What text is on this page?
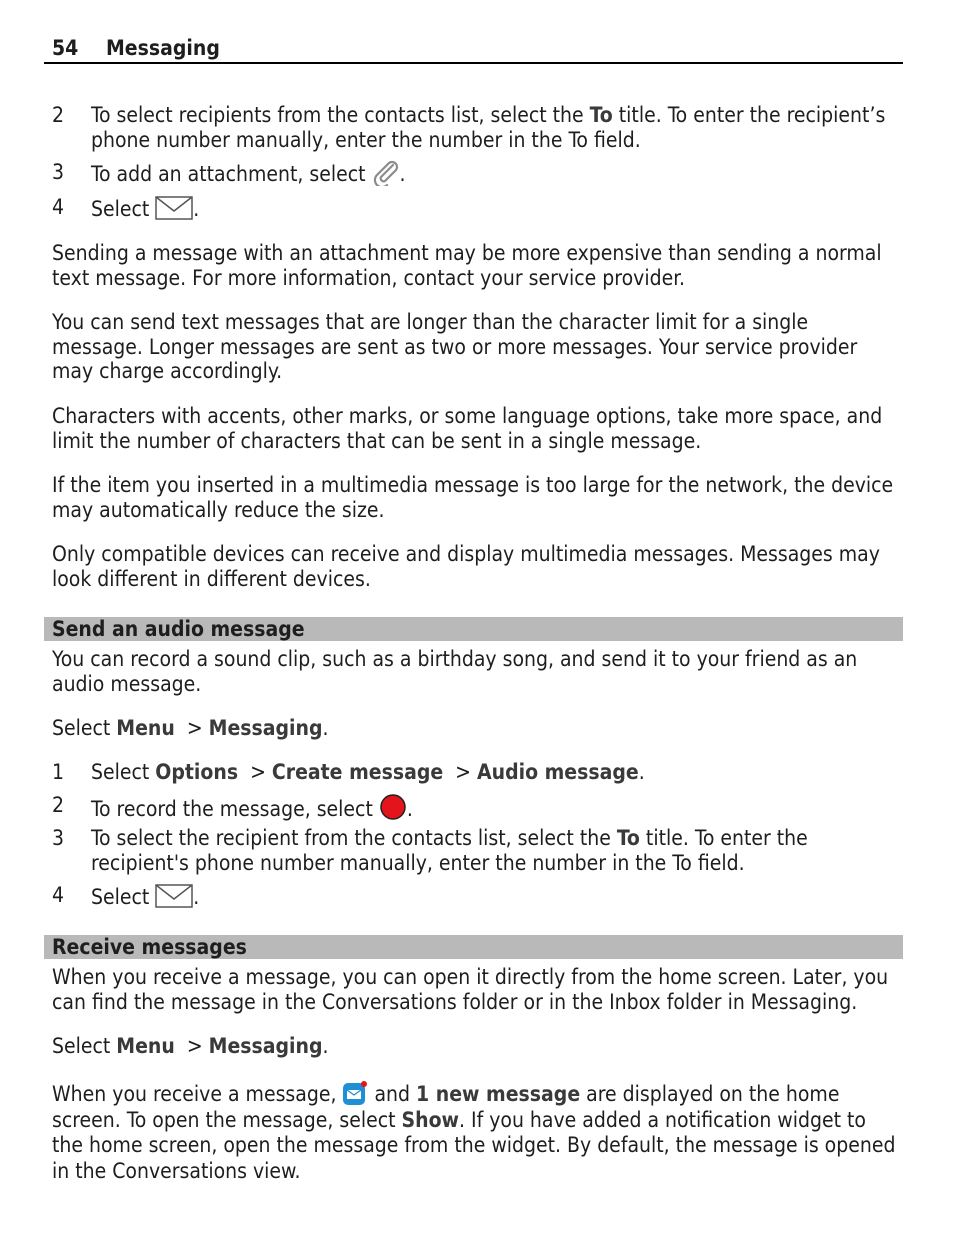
54 Messaging
2 To select recipients from the contacts list, select the To title. To enter the recipient’s phone number manually, enter the number in the To field.
3 To add an attachment, select .
4 Select .

Sending a message with an attachment may be more expensive than sending a normal text message. For more information, contact your service provider.

You can send text messages that are longer than the character limit for a single message. Longer messages are sent as two or more messages. Your service provider may charge accordingly.

Characters with accents, other marks, or some language options, take more space, and limit the number of characters that can be sent in a single message.

If the item you inserted in a multimedia message is too large for the network, the device may automatically reduce the size.

Only compatible devices can receive and display multimedia messages. Messages may look different in different devices.

Send an audio message

You can record a sound clip, such as a birthday song, and send it to your friend as an audio message.

Select Menu  > Messaging.

1 Select Options  > Create message  > Audio message.
2 To record the message, select .
3 To select the recipient from the contacts list, select the To title. To enter the recipient's phone number manually, enter the number in the To field.
4 Select .
Receive messages

When you receive a message, you can open it directly from the home screen. Later, you can find the message in the Conversations folder or in the Inbox folder in Messaging.

Select Menu  > Messaging.

When you receive a message,  and 1 new message are displayed on the home screen. To open the message, select Show. If you have added a notification widget to the home screen, open the message from the widget. By default, the message is opened in the Conversations view.
